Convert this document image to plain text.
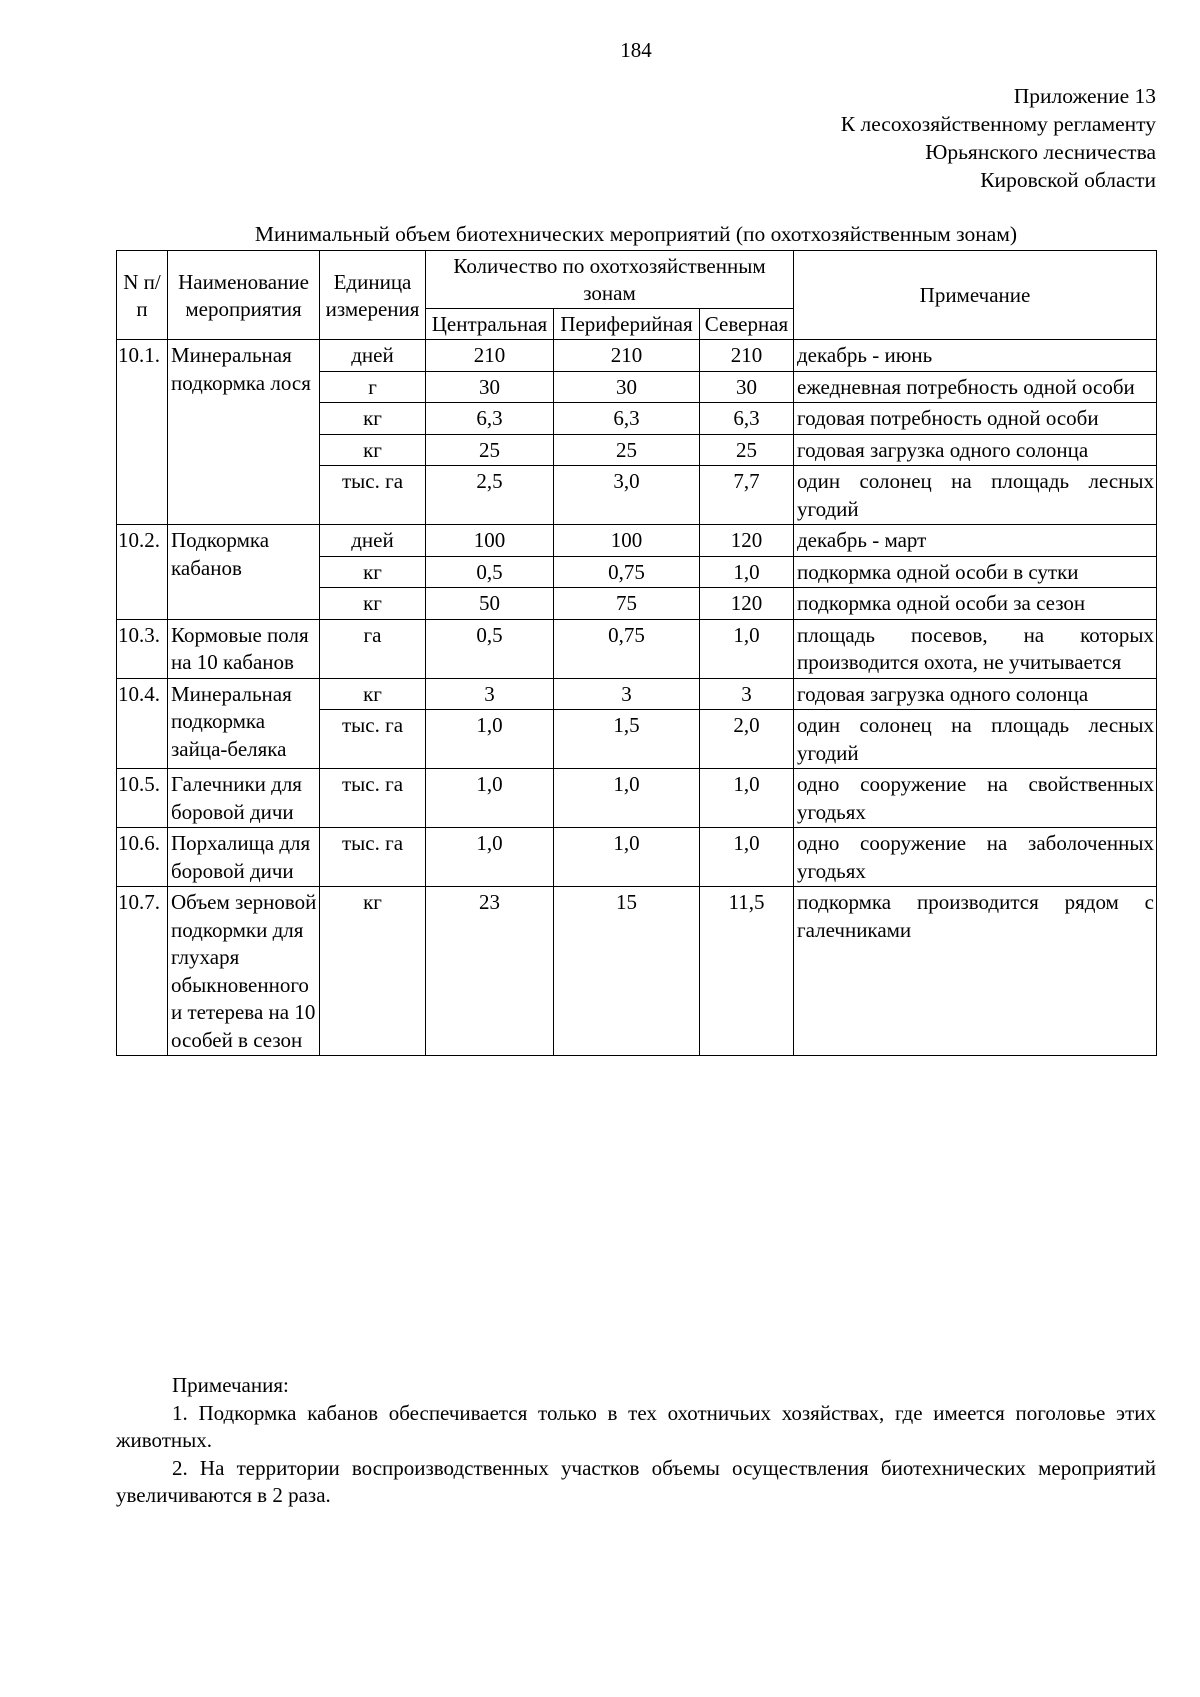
184
Приложение 13
К лесохозяйственному регламенту
Юрьянского лесничества
Кировской области
Минимальный объем биотехнических мероприятий (по охотхозяйственным зонам)
N п/п	Наименование мероприятия	Единица измерения	Количество по охотхозяйственным зонам			Примечание
			Центральная	Периферийная	Северная	
10.1.	Минеральная подкормка лося	дней	210	210	210	декабрь - июнь
		г	30	30	30	ежедневная потребность одной особи
		кг	6,3	6,3	6,3	годовая потребность одной особи
		кг	25	25	25	годовая загрузка одного солонца
		тыс. га	2,5	3,0	7,7	один солонец на площадь лесных угодий
10.2.	Подкормка кабанов	дней	100	100	120	декабрь - март
		кг	0,5	0,75	1,0	подкормка одной особи в сутки
		кг	50	75	120	подкормка одной особи за сезон
10.3.	Кормовые поля на 10 кабанов	га	0,5	0,75	1,0	площадь посевов, на которых производится охота, не учитывается
10.4.	Минеральная подкормка зайца-беляка	кг	3	3	3	годовая загрузка одного солонца
		тыс. га	1,0	1,5	2,0	один солонец на площадь лесных угодий
10.5.	Галечники для боровой дичи	тыс. га	1,0	1,0	1,0	одно сооружение на свойственных угодьях
10.6.	Порхалища для боровой дичи	тыс. га	1,0	1,0	1,0	одно сооружение на заболоченных угодьях
10.7.	Объем зерновой подкормки для глухаря обыкновенного и тетерева на 10 особей в сезон	кг	23	15	11,5	подкормка производится рядом с галечниками

Примечания:

1. Подкормка кабанов обеспечивается только в тех охотничьих хозяйствах, где имеется поголовье этих животных.

2. На территории воспроизводственных участков объемы осуществления биотехнических мероприятий увеличиваются в 2 раза.
